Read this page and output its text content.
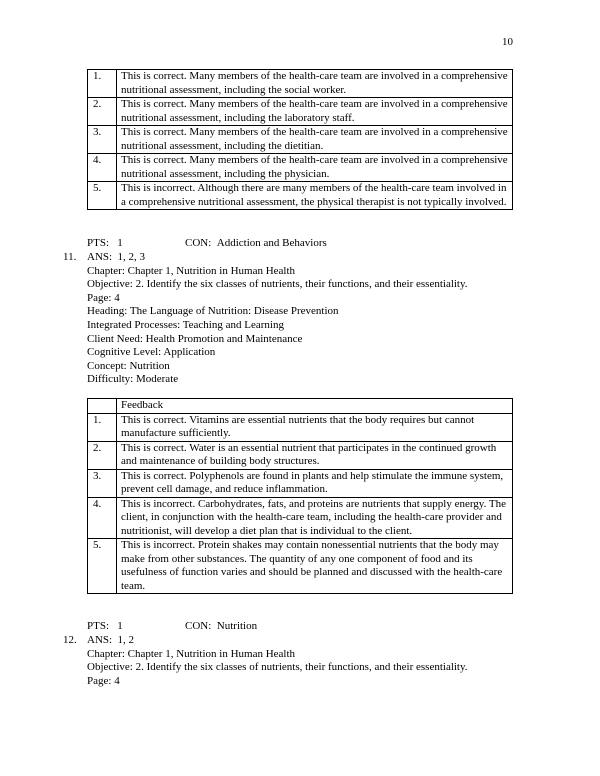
10
1.	This is correct. Many members of the health-care team are involved in a comprehensive nutritional assessment, including the social worker.
2.	This is correct. Many members of the health-care team are involved in a comprehensive nutritional assessment, including the laboratory staff.
3.	This is correct. Many members of the health-care team are involved in a comprehensive nutritional assessment, including the dietitian.
4.	This is correct. Many members of the health-care team are involved in a comprehensive nutritional assessment, including the physician.
5.	This is incorrect. Although there are many members of the health-care team involved in a comprehensive nutritional assessment, the physical therapist is not typically involved.
PTS:   1	CON:  Addiction and Behaviors
11. ANS:  1, 2, 3
Chapter: Chapter 1, Nutrition in Human Health
Objective: 2. Identify the six classes of nutrients, their functions, and their essentiality.
Page: 4
Heading: The Language of Nutrition: Disease Prevention
Integrated Processes: Teaching and Learning
Client Need: Health Promotion and Maintenance
Cognitive Level: Application
Concept: Nutrition
Difficulty: Moderate
	Feedback
1.	This is correct. Vitamins are essential nutrients that the body requires but cannot manufacture sufficiently.
2.	This is correct. Water is an essential nutrient that participates in the continued growth and maintenance of building body structures.
3.	This is correct. Polyphenols are found in plants and help stimulate the immune system, prevent cell damage, and reduce inflammation.
4.	This is incorrect. Carbohydrates, fats, and proteins are nutrients that supply energy. The client, in conjunction with the health-care team, including the health-care provider and nutritionist, will develop a diet plan that is individual to the client.
5.	This is incorrect. Protein shakes may contain nonessential nutrients that the body may make from other substances. The quantity of any one component of food and its usefulness of function varies and should be planned and discussed with the health-care team.
PTS:   1	CON:  Nutrition
12. ANS:  1, 2
Chapter: Chapter 1, Nutrition in Human Health
Objective: 2. Identify the six classes of nutrients, their functions, and their essentiality.
Page: 4
